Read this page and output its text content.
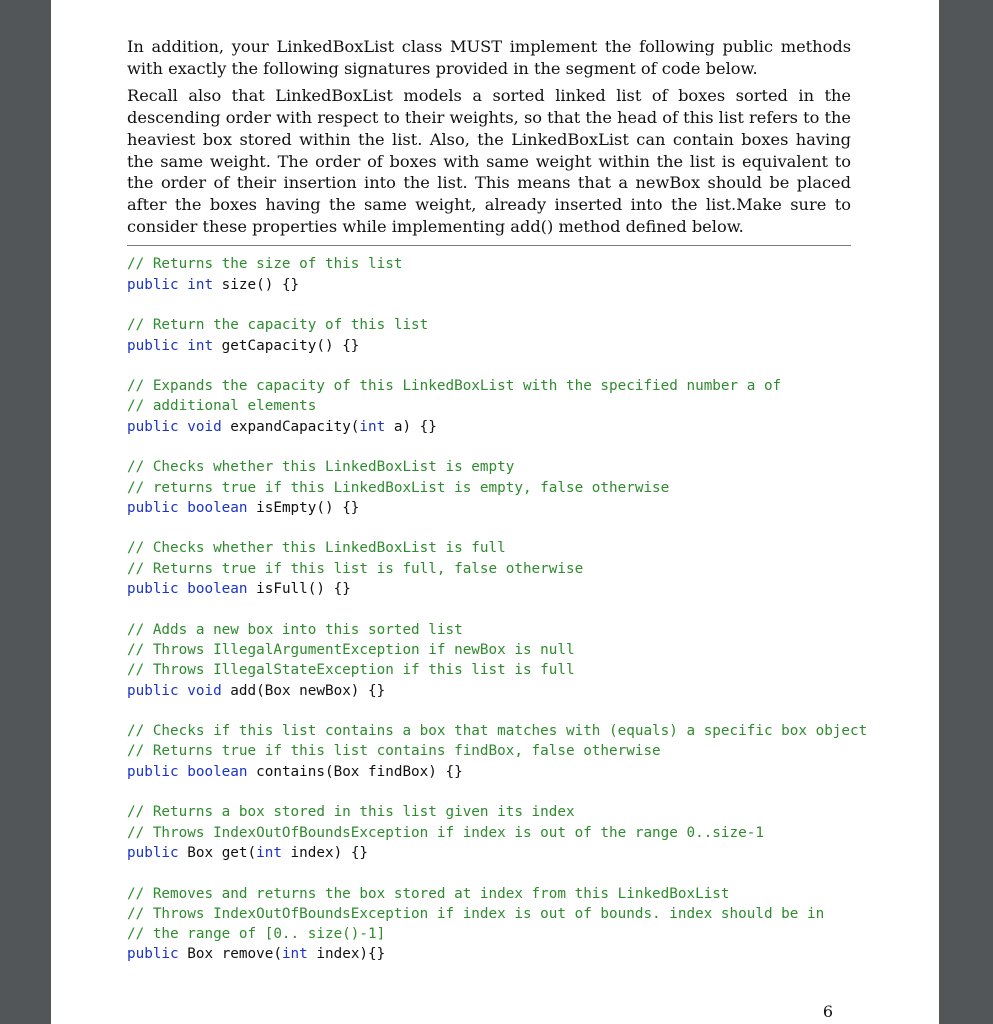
In addition, your LinkedBoxList class MUST implement the following public methods with exactly the following signatures provided in the segment of code below.

Recall also that LinkedBoxList models a sorted linked list of boxes sorted in the descending order with respect to their weights, so that the head of this list refers to the heaviest box stored within the list. Also, the LinkedBoxList can contain boxes having the same weight. The order of boxes with same weight within the list is equivalent to the order of their insertion into the list. This means that a newBox should be placed after the boxes having the same weight, already inserted into the list.Make sure to consider these properties while implementing add() method defined below.

// Returns the size of this list
public int size() {}
// Return the capacity of this list
public int getCapacity() {}
// Expands the capacity of this LinkedBoxList with the specified number a of
// additional elements
public void expandCapacity(int a) {}
// Checks whether this LinkedBoxList is empty
// returns true if this LinkedBoxList is empty, false otherwise
public boolean isEmpty() {}
// Checks whether this LinkedBoxList is full
// Returns true if this list is full, false otherwise
public boolean isFull() {}
// Adds a new box into this sorted list
// Throws IllegalArgumentException if newBox is null
// Throws IllegalStateException if this list is full
public void add(Box newBox) {}
// Checks if this list contains a box that matches with (equals) a specific box object
// Returns true if this list contains findBox, false otherwise
public boolean contains(Box findBox) {}
// Returns a box stored in this list given its index
// Throws IndexOutOfBoundsException if index is out of the range 0..size-1
public Box get(int index) {}
// Removes and returns the box stored at index from this LinkedBoxList
// Throws IndexOutOfBoundsException if index is out of bounds. index should be in
// the range of [0.. size()-1]
public Box remove(int index){}
6
